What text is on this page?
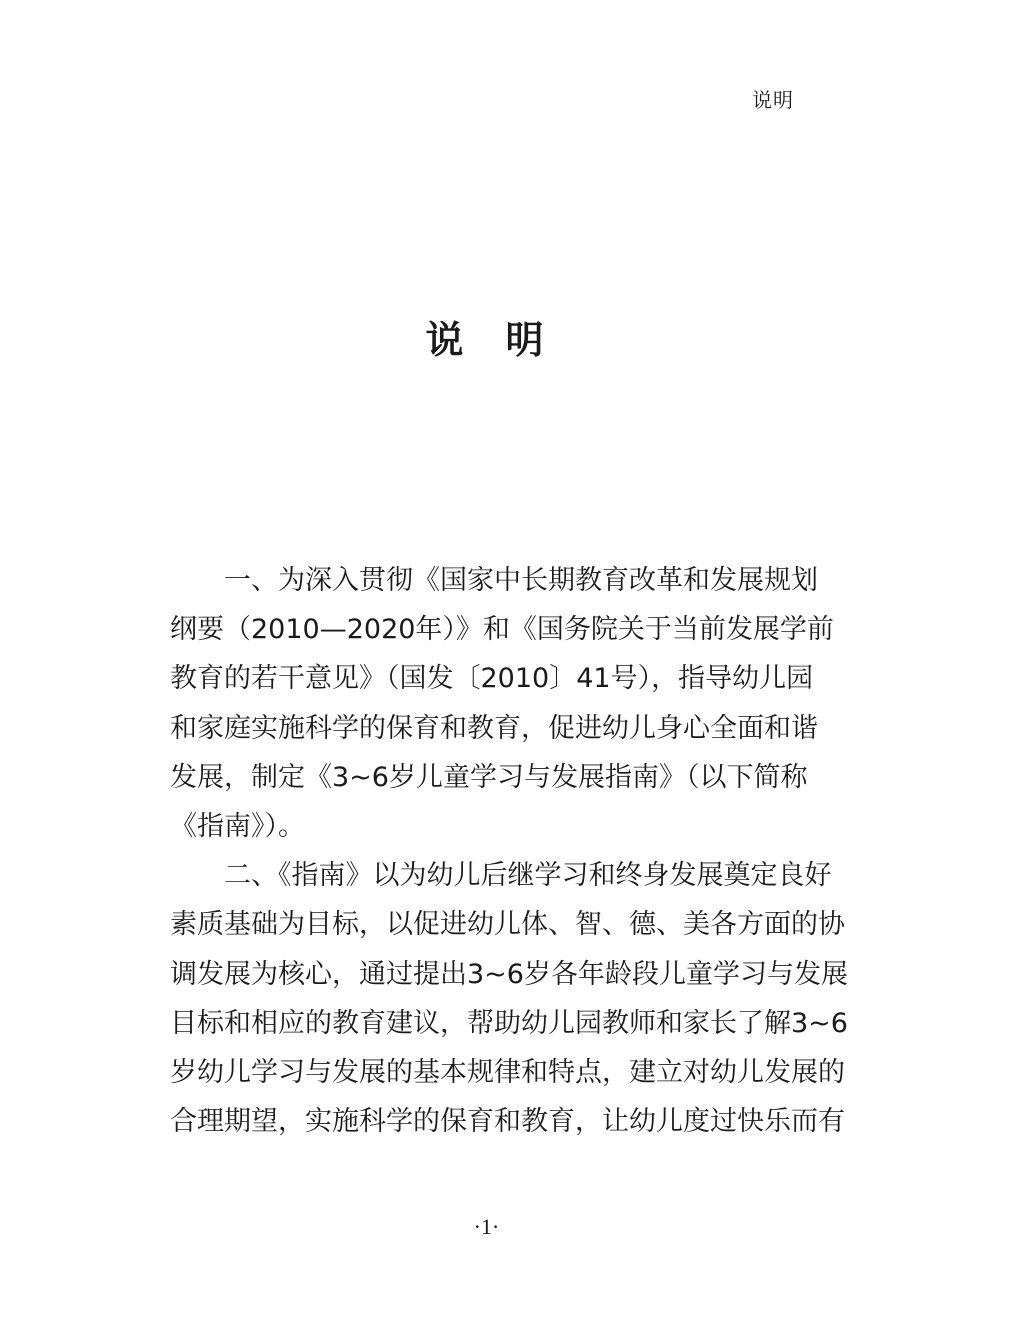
说明
说 明
　　一、为深入贯彻《国家中长期教育改革和发展规划
纲要（2010—2020年）》和《国务院关于当前发展学前
教育的若干意见》（国发〔2010〕41号），指导幼儿园
和家庭实施科学的保育和教育，促进幼儿身心全面和谐
发展，制定《3~6岁儿童学习与发展指南》（以下简称
《指南》）。
　　二、《指南》以为幼儿后继学习和终身发展奠定良好
素质基础为目标，以促进幼儿体、智、德、美各方面的协
调发展为核心，通过提出3~6岁各年龄段儿童学习与发展
目标和相应的教育建议，帮助幼儿园教师和家长了解3~6
岁幼儿学习与发展的基本规律和特点，建立对幼儿发展的
合理期望，实施科学的保育和教育，让幼儿度过快乐而有
·1·
